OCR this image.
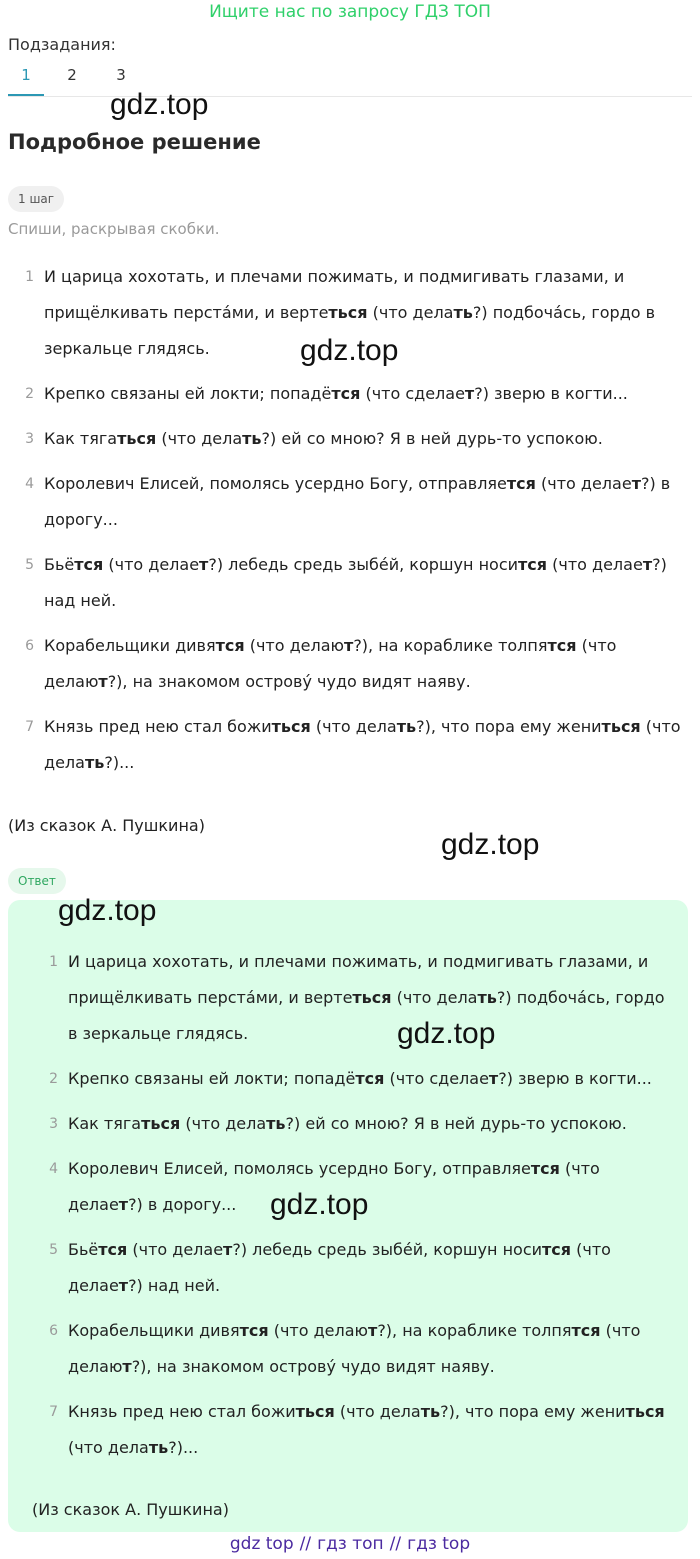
Ищите нас по запросу ГДЗ ТОП
Подзадания:
1	2	3
gdz.top
Подробное решение
1 шаг
Спиши, раскрывая скобки.
1 И царица хохотать, и плечами пожимать, и подмигивать глазами, и прищёлкивать перста́ми, и вертеться (что делать?) подбоча́сь, гордо в зеркальце глядясь.
2 Крепко связаны ей локти; попадётся (что сделает?) зверю в когти...
3 Как тягаться (что делать?) ей со мною? Я в ней дурь-то успокою.
4 Королевич Елисей, помолясь усердно Богу, отправляется (что делает?) в дорогу...
5 Бьётся (что делает?) лебедь средь зыбе́й, коршун носится (что делает?) над ней.
6 Корабельщики дивятся (что делают?), на кораблике толпятся (что делают?), на знакомом острову́ чудо видят наяву.
7 Князь пред нею стал божиться (что делать?), что пора ему жениться (что делать?)...
gdz.top
(Из сказок А. Пушкина)
gdz.top
Ответ
gdz.top
1 И царица хохотать, и плечами пожимать, и подмигивать глазами, и прищёлкивать перста́ми, и вертеться (что делать?) подбоча́сь, гордо в зеркальце глядясь.
2 Крепко связаны ей локти; попадётся (что сделает?) зверю в когти...
3 Как тягаться (что делать?) ей со мною? Я в ней дурь-то успокою.
4 Королевич Елисей, помолясь усердно Богу, отправляется (что делает?) в дорогу...
5 Бьётся (что делает?) лебедь средь зыбе́й, коршун носится (что делает?) над ней.
6 Корабельщики дивятся (что делают?), на кораблике толпятся (что делают?), на знакомом острову́ чудо видят наяву.
7 Князь пред нею стал божиться (что делать?), что пора ему жениться (что делать?)...
gdz.top
gdz.top
(Из сказок А. Пушкина)
gdz top // гдз топ // гдз top
